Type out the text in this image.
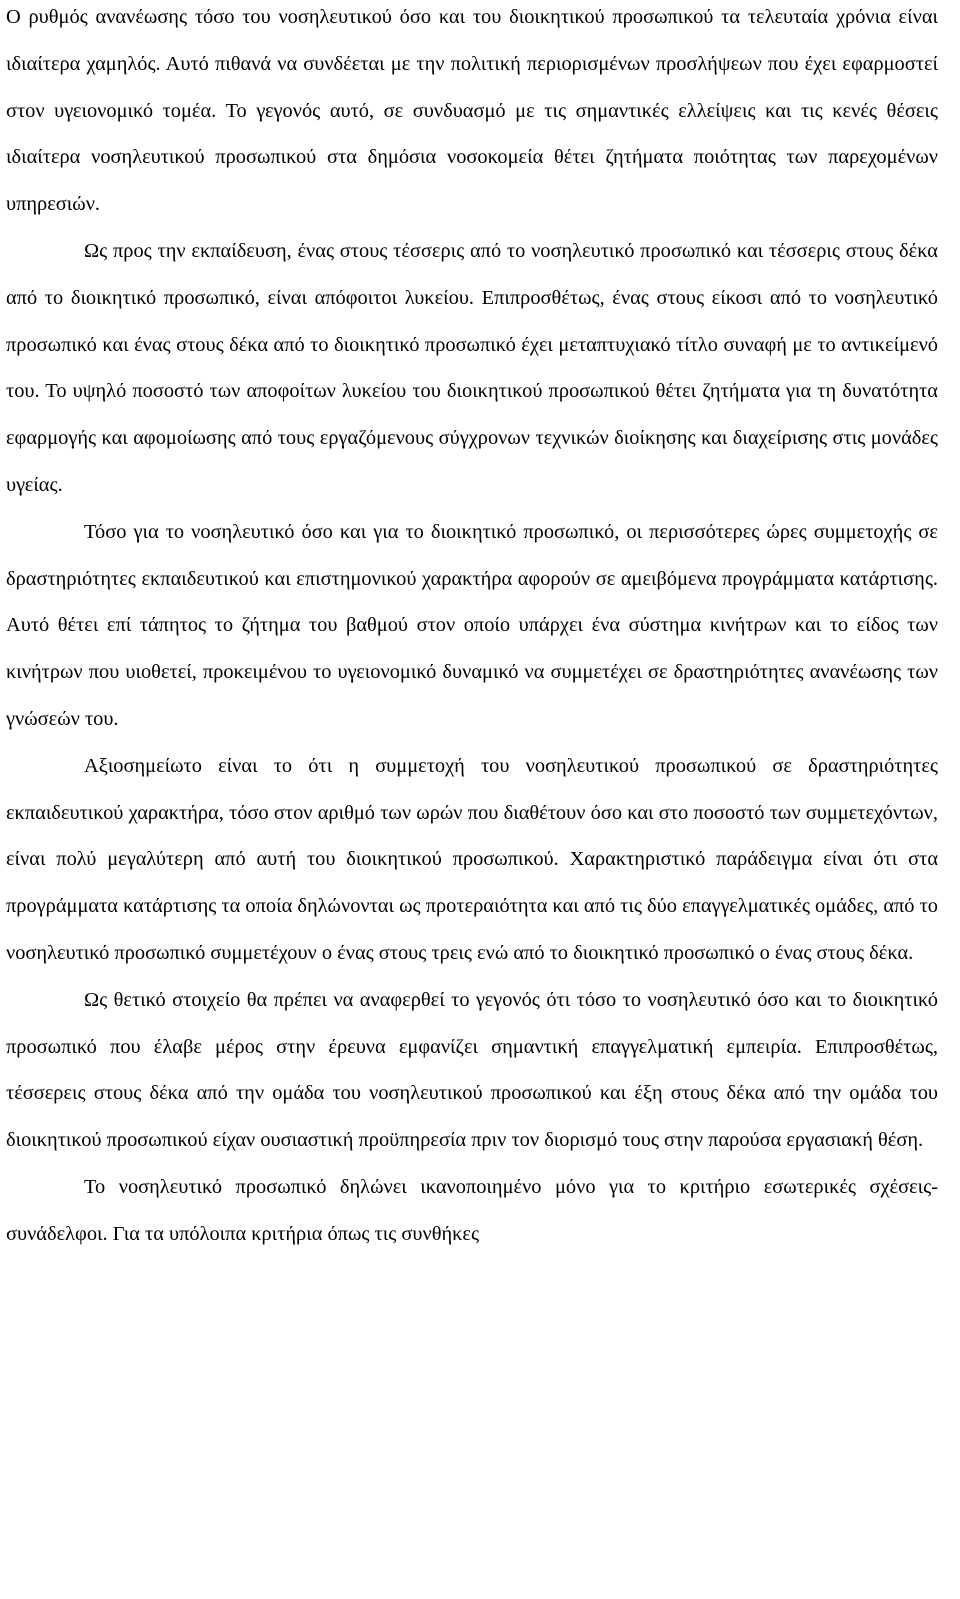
Ο ρυθμός ανανέωσης τόσο του νοσηλευτικού όσο και του διοικητικού προσωπικού τα τελευταία χρόνια είναι ιδιαίτερα χαμηλός. Αυτό πιθανά να συνδέεται με την πολιτική περιορισμένων προσλήψεων που έχει εφαρμοστεί στον υγειονομικό τομέα. Το γεγονός αυτό, σε συνδυασμό με τις σημαντικές ελλείψεις και τις κενές θέσεις ιδιαίτερα νοσηλευτικού προσωπικού στα δημόσια νοσοκομεία θέτει ζητήματα ποιότητας των παρεχομένων υπηρεσιών.

Ως προς την εκπαίδευση, ένας στους τέσσερις από το νοσηλευτικό προσωπικό και τέσσερις στους δέκα από το διοικητικό προσωπικό, είναι απόφοιτοι λυκείου. Επιπροσθέτως, ένας στους είκοσι από το νοσηλευτικό προσωπικό και ένας στους δέκα από το διοικητικό προσωπικό έχει μεταπτυχιακό τίτλο συναφή με το αντικείμενό του. Το υψηλό ποσοστό των αποφοίτων λυκείου του διοικητικού προσωπικού θέτει ζητήματα για τη δυνατότητα εφαρμογής και αφομοίωσης από τους εργαζόμενους σύγχρονων τεχνικών διοίκησης και διαχείρισης στις μονάδες υγείας.

Τόσο για το νοσηλευτικό όσο και για το διοικητικό προσωπικό, οι περισσότερες ώρες συμμετοχής σε δραστηριότητες εκπαιδευτικού και επιστημονικού χαρακτήρα αφορούν σε αμειβόμενα προγράμματα κατάρτισης. Αυτό θέτει επί τάπητος το ζήτημα του βαθμού στον οποίο υπάρχει ένα σύστημα κινήτρων και το είδος των κινήτρων που υιοθετεί, προκειμένου το υγειονομικό δυναμικό να συμμετέχει σε δραστηριότητες ανανέωσης των γνώσεών του.

Αξιοσημείωτο είναι το ότι η συμμετοχή του νοσηλευτικού προσωπικού σε δραστηριότητες εκπαιδευτικού χαρακτήρα, τόσο στον αριθμό των ωρών που διαθέτουν όσο και στο ποσοστό των συμμετεχόντων, είναι πολύ μεγαλύτερη από αυτή του διοικητικού προσωπικού. Χαρακτηριστικό παράδειγμα είναι ότι στα προγράμματα κατάρτισης τα οποία δηλώνονται ως προτεραιότητα και από τις δύο επαγγελματικές ομάδες, από το νοσηλευτικό προσωπικό συμμετέχουν ο ένας στους τρεις ενώ από το διοικητικό προσωπικό ο ένας στους δέκα.

Ως θετικό στοιχείο θα πρέπει να αναφερθεί το γεγονός ότι τόσο το νοσηλευτικό όσο και το διοικητικό προσωπικό που έλαβε μέρος στην έρευνα εμφανίζει σημαντική επαγγελματική εμπειρία. Επιπροσθέτως, τέσσερεις στους δέκα από την ομάδα του νοσηλευτικού προσωπικού και έξη στους δέκα από την ομάδα του διοικητικού προσωπικού είχαν ουσιαστική προϋπηρεσία πριν τον διορισμό τους στην παρούσα εργασιακή θέση.

Το νοσηλευτικό προσωπικό δηλώνει ικανοποιημένο μόνο για το κριτήριο εσωτερικές σχέσεις-συνάδελφοι. Για τα υπόλοιπα κριτήρια όπως τις συνθήκες
